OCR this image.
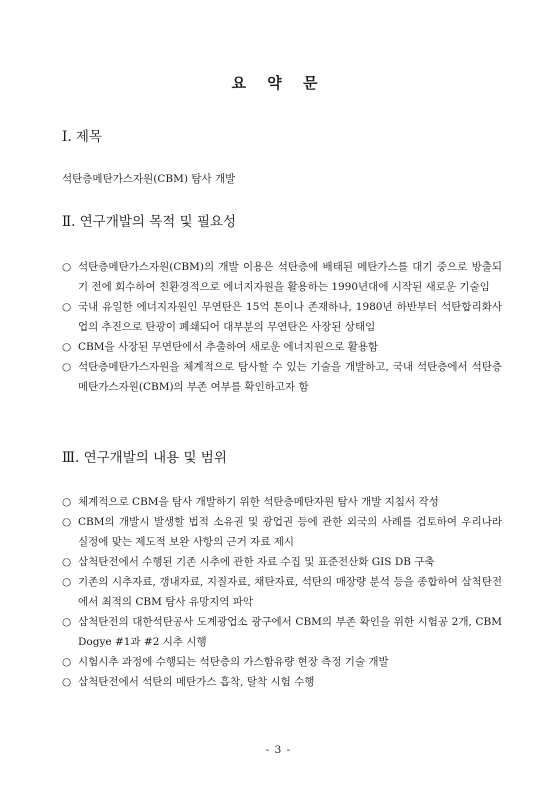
요 약 문
Ⅰ. 제목
석탄층메탄가스자원(CBM) 탐사 개발
Ⅱ. 연구개발의 목적 및 필요성
○ 석탄층메탄가스자원(CBM)의 개발 이용은 석탄층에 배태된 메탄가스를 대기 중으로 방출되기 전에 회수하여 친환경적으로 에너지자원을 활용하는 1990년대에 시작된 새로운 기술임
○ 국내 유일한 에너지자원인 무연탄은 15억 톤이나 존재하나, 1980년 하반부터 석탄합리화사업의 추진으로 탄광이 폐쇄되어 대부분의 무연탄은 사장된 상태임
○ CBM을 사장된 무연탄에서 추출하여 새로운 에너지원으로 활용함
○ 석탄층메탄가스자원을 체계적으로 탐사할 수 있는 기술을 개발하고, 국내 석탄층에서 석탄층메탄가스자원(CBM)의 부존 여부를 확인하고자 함
Ⅲ. 연구개발의 내용 및 범위
○ 체계적으로 CBM을 탐사 개발하기 위한 석탄층메탄자원 탐사 개발 지침서 작성
○ CBM의 개발시 발생할 법적 소유권 및 광업권 등에 관한 외국의 사례를 검토하여 우리나라 실정에 맞는 제도적 보완 사항의 근거 자료 제시
○ 삼척탄전에서 수행된 기존 시추에 관한 자료 수집 및 표준전산화 GIS DB 구축
○ 기존의 시추자료, 갱내자료, 지질자료, 채탄자료, 석탄의 매장량 분석 등을 종합하여 삼척탄전에서 최적의 CBM 탐사 유망지역 파악
○ 삼척탄전의 대한석탄공사 도계광업소 광구에서 CBM의 부존 확인을 위한 시험공 2개, CBM Dogye #1과 #2 시추 시행
○ 시험시추 과정에 수행되는 석탄층의 가스함유량 현장 측정 기술 개발
○ 삼척탄전에서 석탄의 메탄가스 흡착, 탈착 시험 수행
- 3 -
